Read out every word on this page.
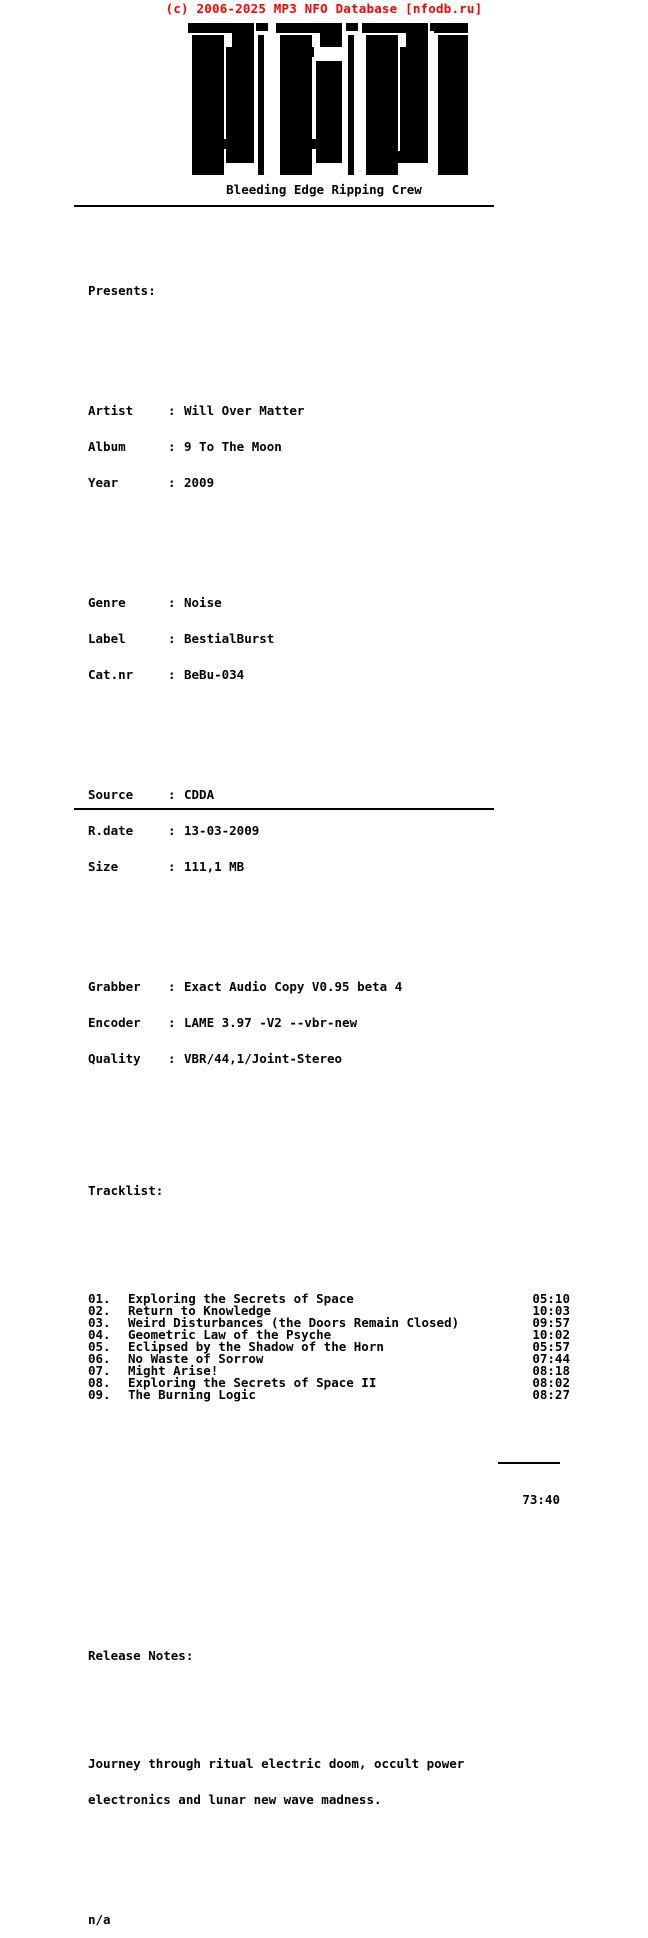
(c) 2006-2025 MP3 NFO Database [nfodb.ru]
Bleeding Edge Ripping Crew

Presents:

Artist	: Will Over Matter

Album	: 9 To The Moon

Year	: 2009

Genre	: Noise

Label	: BestialBurst

Cat.nr	: BeBu-034

Source	: CDDA

R.date	: 13-03-2009

Size	: 111,1 MB

Grabber : Exact Audio Copy V0.95 beta 4

Encoder : LAME 3.97 -V2 --vbr-new

Quality : VBR/44,1/Joint-Stereo

Tracklist:

01.	Exploring the Secrets of Space	05:10
02.	Return to Knowledge	10:03
03.	Weird Disturbances (the Doors Remain Closed)	09:57
04.	Geometric Law of the Psyche	10:02
05.	Eclipsed by the Shadow of the Horn	05:57
06.	No Waste of Sorrow	07:44
07.	Might Arise!	08:18
08.	Exploring the Secrets of Space II	08:02
09.	The Burning Logic	08:27

73:40

Release Notes:

Journey through ritual electric doom, occult power

electronics and lunar new wave madness.

n/a
